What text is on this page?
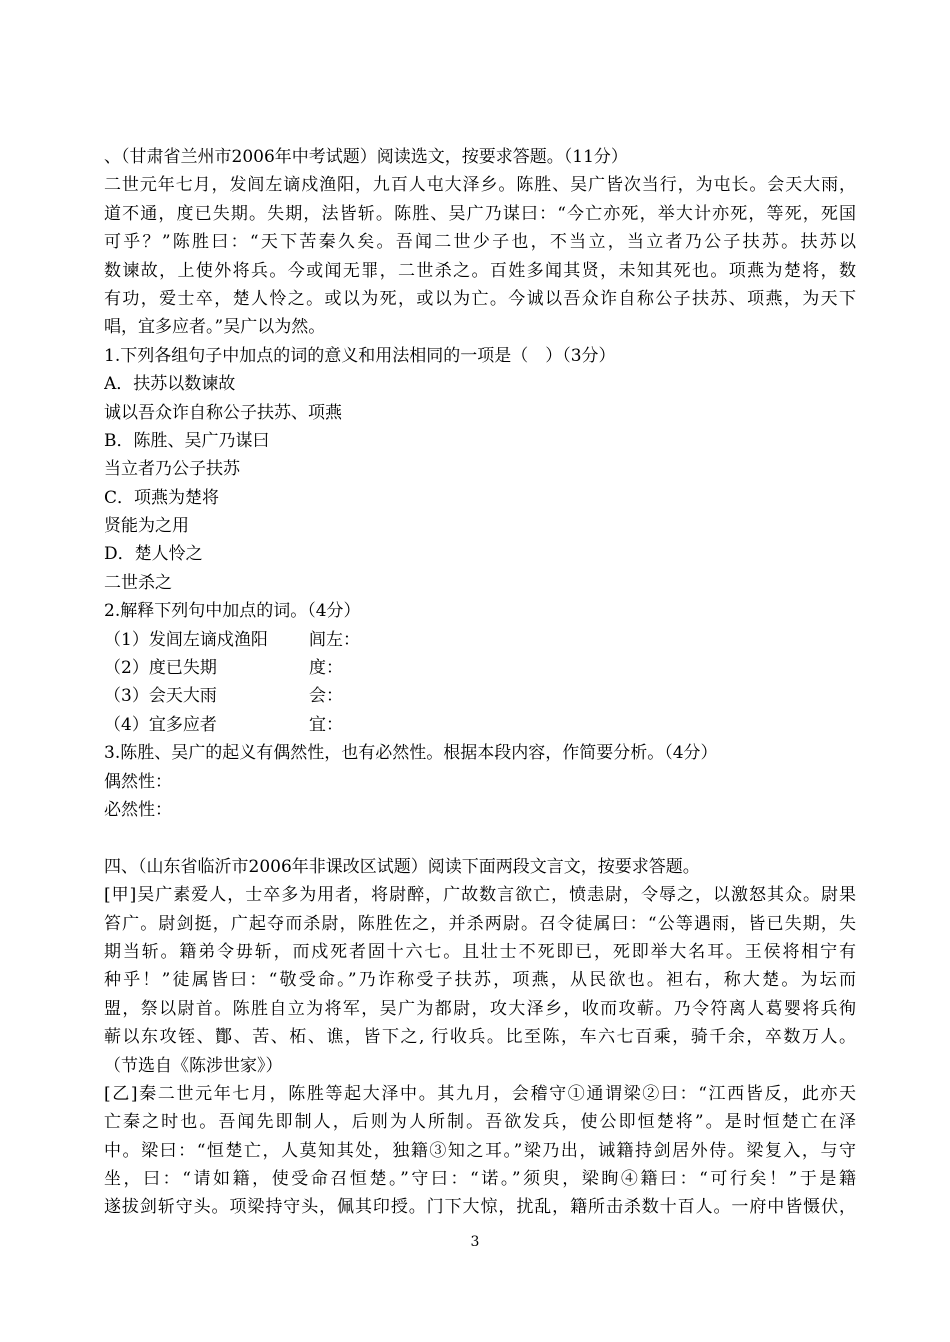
、（甘肃省兰州市2006年中考试题）阅读选文，按要求答题。（11分）
二世元年七月，发闾左谪戍渔阳，九百人屯大泽乡。陈胜、吴广皆次当行，为屯长。会天大雨，
道不通，度已失期。失期，法皆斩。陈胜、吴广乃谋曰：“今亡亦死，举大计亦死，等死，死国
可乎？”陈胜曰：“天下苦秦久矣。吾闻二世少子也，不当立，当立者乃公子扶苏。扶苏以
数谏故，上使外将兵。今或闻无罪，二世杀之。百姓多闻其贤，未知其死也。项燕为楚将，数
有功，爱士卒，楚人怜之。或以为死，或以为亡。今诚以吾众诈自称公子扶苏、项燕，为天下
唱，宜多应者。”吴广以为然。
1.下列各组句子中加点的词的意义和用法相同的一项是（　）（3分）
A．扶苏以数谏故
诚以吾众诈自称公子扶苏、项燕
B．陈胜、吴广乃谋曰
当立者乃公子扶苏
C．项燕为楚将
贤能为之用
D．楚人怜之
二世杀之
2.解释下列句中加点的词。（4分）
（1）发闾左谪戍渔阳 闾左：
（2）度已失期	度：
（3）会天大雨	会：
（4）宜多应者	宜：
3.陈胜、吴广的起义有偶然性，也有必然性。根据本段内容，作简要分析。（4分）
偶然性：
必然性：
四、（山东省临沂市2006年非课改区试题）阅读下面两段文言文，按要求答题。
[甲]吴广素爱人，士卒多为用者，将尉醉，广故数言欲亡，愤恚尉，令辱之，以激怒其众。尉果
笞广。尉剑挺，广起夺而杀尉，陈胜佐之，并杀两尉。召令徒属曰：“公等遇雨，皆已失期，失
期当斩。籍弟令毋斩，而戍死者固十六七。且壮士不死即已，死即举大名耳。王侯将相宁有
种乎！”徒属皆曰：“敬受命。”乃诈称受子扶苏，项燕，从民欲也。袒右，称大楚。为坛而
盟，祭以尉首。陈胜自立为将军，吴广为都尉，攻大泽乡，收而攻蕲。乃令符离人葛婴将兵徇
蕲以东攻铚、酇、苦、柘、谯，皆下之, 行收兵。比至陈，车六七百乘，骑千余，卒数万人。
（节选自《陈涉世家》）
[乙]秦二世元年七月，陈胜等起大泽中。其九月，会稽守①通谓梁②曰：“江西皆反，此亦天
亡秦之时也。吾闻先即制人，后则为人所制。吾欲发兵，使公即恒楚将”。是时恒楚亡在泽
中。梁曰：“恒楚亡，人莫知其处，独籍③知之耳。”梁乃出，诫籍持剑居外侍。梁复入，与守
坐，曰：“请如籍，使受命召恒楚。”守曰：“诺。”须臾，梁眴④籍曰：“可行矣！”于是籍
遂拔剑斩守头。项梁持守头，佩其印授。门下大惊，扰乱，籍所击杀数十百人。一府中皆慑伏，
3
